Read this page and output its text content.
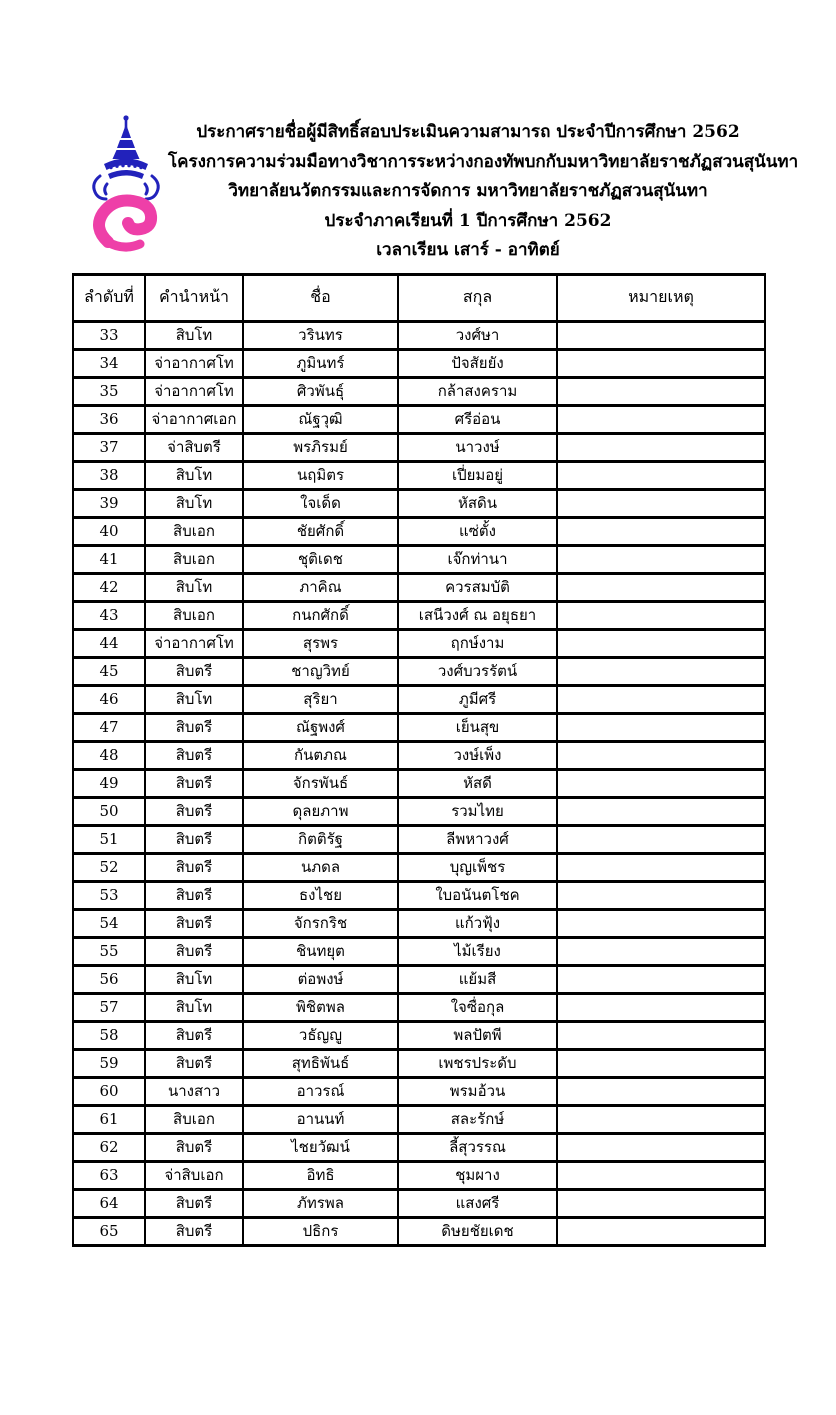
ประกาศรายชื่อผู้มีสิทธิ์สอบประเมินความสามารถ ประจำปีการศึกษา 2562
โครงการความร่วมมือทางวิชาการระหว่างกองทัพบกกับมหาวิทยาลัยราชภัฏสวนสุนันทา
วิทยาลัยนวัตกรรมและการจัดการ มหาวิทยาลัยราชภัฏสวนสุนันทา
ประจำภาคเรียนที่ 1 ปีการศึกษา 2562
เวลาเรียน เสาร์ - อาทิตย์
ลำดับที่	คำนำหน้า	ชื่อ	สกุล	หมายเหตุ
33	สิบโท	วรินทร	วงศ์ษา	
34	จ่าอากาศโท	ภูมินทร์	ปัจสัยยัง	
35	จ่าอากาศโท	ศิวพันธุ์	กล้าสงคราม	
36	จ่าอากาศเอก	ณัฐวุฒิ	ศรีอ่อน	
37	จ่าสิบตรี	พรภิรมย์	นาวงษ์	
38	สิบโท	นฤมิตร	เปี่ยมอยู่	
39	สิบโท	ใจเด็ด	หัสดิน	
40	สิบเอก	ชัยศักดิ์	แซ่ตั้ง	
41	สิบเอก	ชุติเดช	เจ๊กท่านา	
42	สิบโท	ภาคิณ	ควรสมบัติ	
43	สิบเอก	กนกศักดิ์	เสนีวงศ์ ณ อยุธยา	
44	จ่าอากาศโท	สุรพร	ฤกษ์งาม	
45	สิบตรี	ชาญวิทย์	วงศ์บวรรัตน์	
46	สิบโท	สุริยา	ภูมีศรี	
47	สิบตรี	ณัฐพงศ์	เย็นสุข	
48	สิบตรี	กันตภณ	วงษ์เพ็ง	
49	สิบตรี	จักรพันธ์	หัสดี	
50	สิบตรี	ดุลยภาพ	รวมไทย	
51	สิบตรี	กิตติรัฐ	ลีพหาวงศ์	
52	สิบตรี	นภดล	บุญเพ็ชร	
53	สิบตรี	ธงไชย	ใบอนันตโชค	
54	สิบตรี	จักรกริช	แก้วฟุ้ง	
55	สิบตรี	ชินทยุต	ไม้เรียง	
56	สิบโท	ต่อพงษ์	แย้มสี	
57	สิบโท	พิชิตพล	ใจซื่อกุล	
58	สิบตรี	วธัญญู	พลปัตพี	
59	สิบตรี	สุทธิพันธ์	เพชรประดับ	
60	นางสาว	อาวรณ์	พรมอ้วน	
61	สิบเอก	อานนท์	สละรักษ์	
62	สิบตรี	ไชยวัฒน์	ลี้สุวรรณ	
63	จ่าสิบเอก	อิทธิ	ชุมผาง	
64	สิบตรี	ภัทรพล	แสงศรี	
65	สิบตรี	ปธิกร	ดิษยชัยเดช	
